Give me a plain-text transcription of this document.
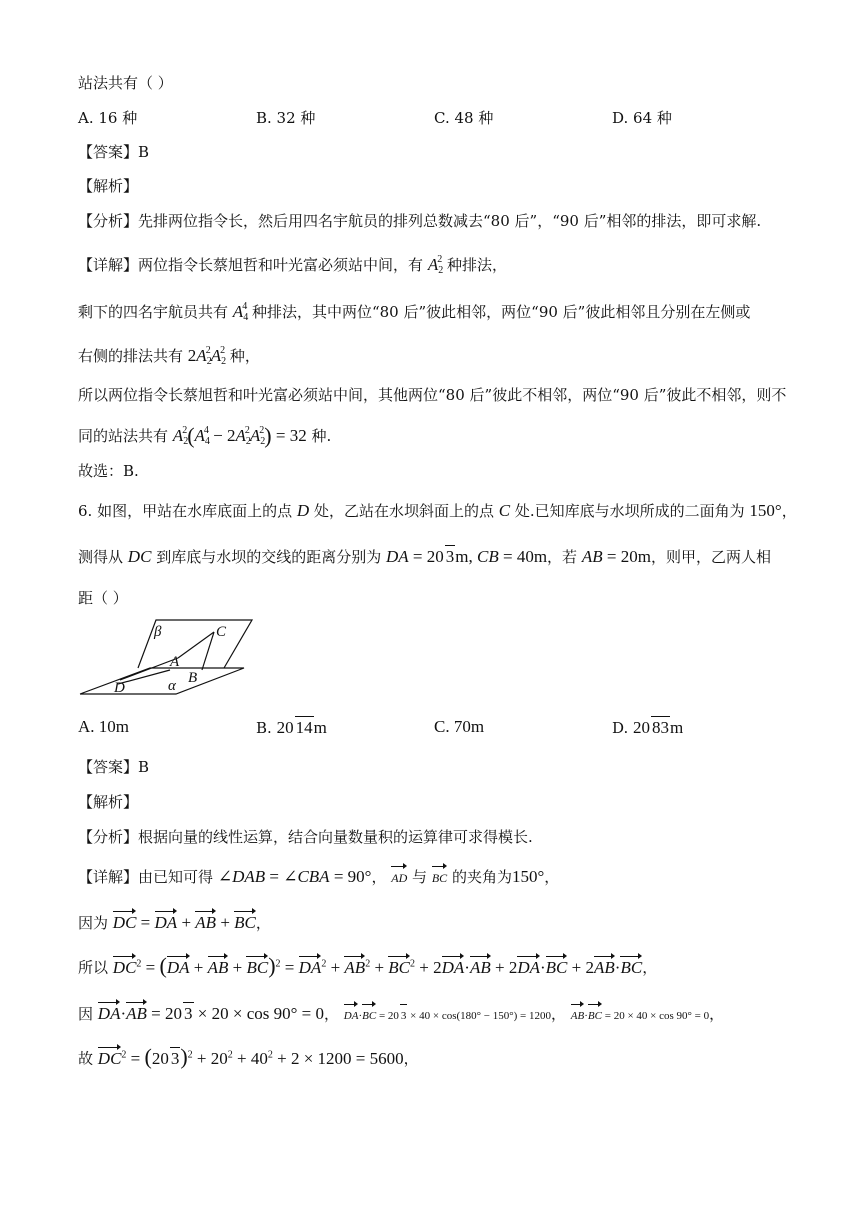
站法共有（ ）
A. 16 种	B. 32 种	C. 48 种	D. 64 种
【答案】B
【解析】
【分析】先排两位指令长，然后用四名宇航员的排列总数减去“80 后”，“90 后”相邻的排法，即可求解.
【详解】两位指令长蔡旭哲和叶光富必须站中间，有 $A_2^2$ 种排法，
剩下的四名宇航员共有 $A_4^4$ 种排法，其中两位“80 后”彼此相邻，两位“90 后”彼此相邻且分别在左侧或
右侧的排法共有 $2A_2^2A_2^2$ 种，
所以两位指令长蔡旭哲和叶光富必须站中间，其他两位“80 后”彼此不相邻，两位“90 后”彼此不相邻，则不
同的站法共有 $A_2^2(A_4^4 - 2A_2^2A_2^2) = 32$ 种.
故选：B.
6. 如图，甲站在水库底面上的点 D 处，乙站在水坝斜面上的点 C 处.已知库底与水坝所成的二面角为 150°，
测得从 DC 到库底与水坝的交线的距离分别为 DA = 20 3m, CB = 40m，若 AB = 20m，则甲，乙两人相
距（ ）
β	C
A
B
D	α
A. 10m	B. 20 14m	C. 70m	D. 20 83m
【答案】B
【解析】
【分析】根据向量的线性运算，结合向量数量积的运算律可求得模长.
【详解】由已知可得 ∠DAB = ∠CBA = 90°， AD 与 BC 的夹角为150°，
因为 DC = DA + AB + BC，
所以 $DC^2 = (DA$ + AB + $BC)^2 = DA^2 + AB^2 + BC^2 + 2DA\cdot AB + 2DA\cdot BC + 2AB\cdot BC$，
因 DA·AB = 20 3 × 20 × cos 90° = 0， DA·BC = 20 3 × 40 × cos(180° − 150°) = 1200， AB·BC = 20 × 40 × cos 90° = 0，
故 $DC^2 = (20$ $3)^2 + 20^2 + 40^2 + 2 \times 1200 = 5600$，
